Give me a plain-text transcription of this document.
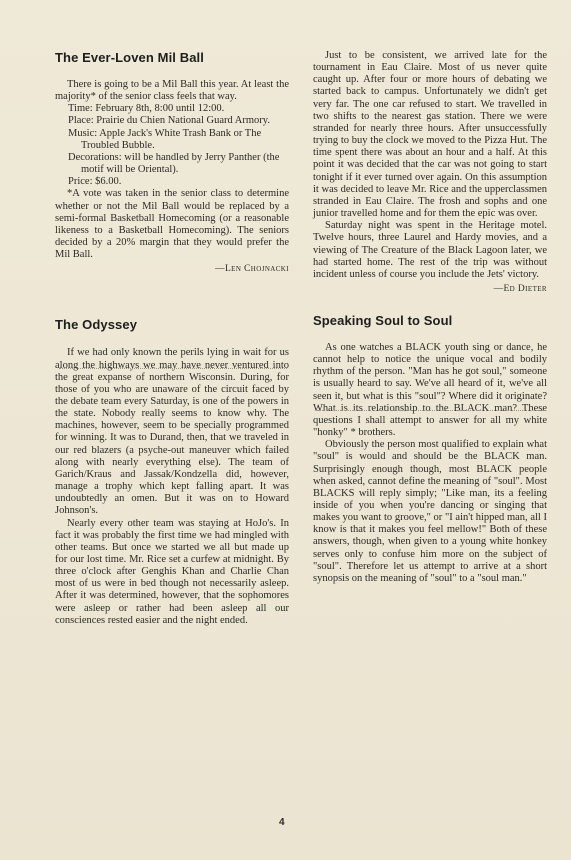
The Ever-Loven Mil Ball

There is going to be a Mil Ball this year. At least the majority* of the senior class feels that way.

Time: February 8th, 8:00 until 12:00.
Place: Prairie du Chien National Guard Armory.
Music: Apple Jack's White Trash Bank or The Troubled Bubble.
Decorations: will be handled by Jerry Panther (the motif will be Oriental).
Price: $6.00.

*A vote was taken in the senior class to determine whether or not the Mil Ball would be replaced by a semi-formal Basketball Homecoming (or a reasonable likeness to a Basketball Homecoming). The seniors decided by a 20% margin that they would prefer the Mil Ball.

—Len Chojnacki
The Odyssey

If we had only known the perils lying in wait for us along the highways we may have never ventured into the great expanse of northern Wisconsin. During, for those of you who are unaware of the circuit faced by the debate team every Saturday, is one of the powers in the state. Nobody really seems to know why. The machines, however, seem to be specially programmed for winning. It was to Durand, then, that we traveled in our red blazers (a psyche-out maneuver which failed along with nearly everything else). The team of Garich/Kraus and Jassak/Kondzella did, however, manage a trophy which kept falling apart. It was undoubtedly an omen. But it was on to Howard Johnson's.

Nearly every other team was staying at HoJo's. In fact it was probably the first time we had mingled with other teams. But once we started we all but made up for our lost time. Mr. Rice set a curfew at midnight. By three o'clock after Genghis Khan and Charlie Chan most of us were in bed though not necessarily asleep. After it was determined, however, that the sophomores were asleep or rather had been asleep all our consciences rested easier and the night ended.

Just to be consistent, we arrived late for the tournament in Eau Claire. Most of us never quite caught up. After four or more hours of debating we started back to campus. Unfortunately we didn't get very far. The one car refused to start. We travelled in two shifts to the nearest gas station. There we were stranded for nearly three hours. After unsuccessfully trying to buy the clock we moved to the Pizza Hut. The time spent there was about an hour and a half. At this point it was decided that the car was not going to start tonight if it ever turned over again. On this assumption it was decided to leave Mr. Rice and the upperclassmen stranded in Eau Claire. The frosh and sophs and one junior travelled home and for them the epic was over.

Saturday night was spent in the Heritage motel. Twelve hours, three Laurel and Hardy movies, and a viewing of The Creature of the Black Lagoon later, we had started home. The rest of the trip was without incident unless of course you include the Jets' victory.

—Ed Dieter
Speaking Soul to Soul

As one watches a BLACK youth sing or dance, he cannot help to notice the unique vocal and bodily rhythm of the person. "Man has he got soul," someone is usually heard to say. We've all heard of it, we've all seen it, but what is this "soul"? Where did it originate? What is its relationship to the BLACK man? These questions I shall attempt to answer for all my white "honky" * brothers.

Obviously the person most qualified to explain what "soul" is would and should be the BLACK man. Surprisingly enough though, most BLACK people when asked, cannot define the meaning of "soul". Most BLACKS will reply simply; "Like man, its a feeling inside of you when you're dancing or singing that makes you want to groove," or "I ain't hipped man, all I know is that it makes you feel mellow!" Both of these answers, though, when given to a young white honkey serves only to confuse him more on the subject of "soul". Therefore let us attempt to arrive at a short synopsis on the meaning of "soul" to a "soul man."

4
